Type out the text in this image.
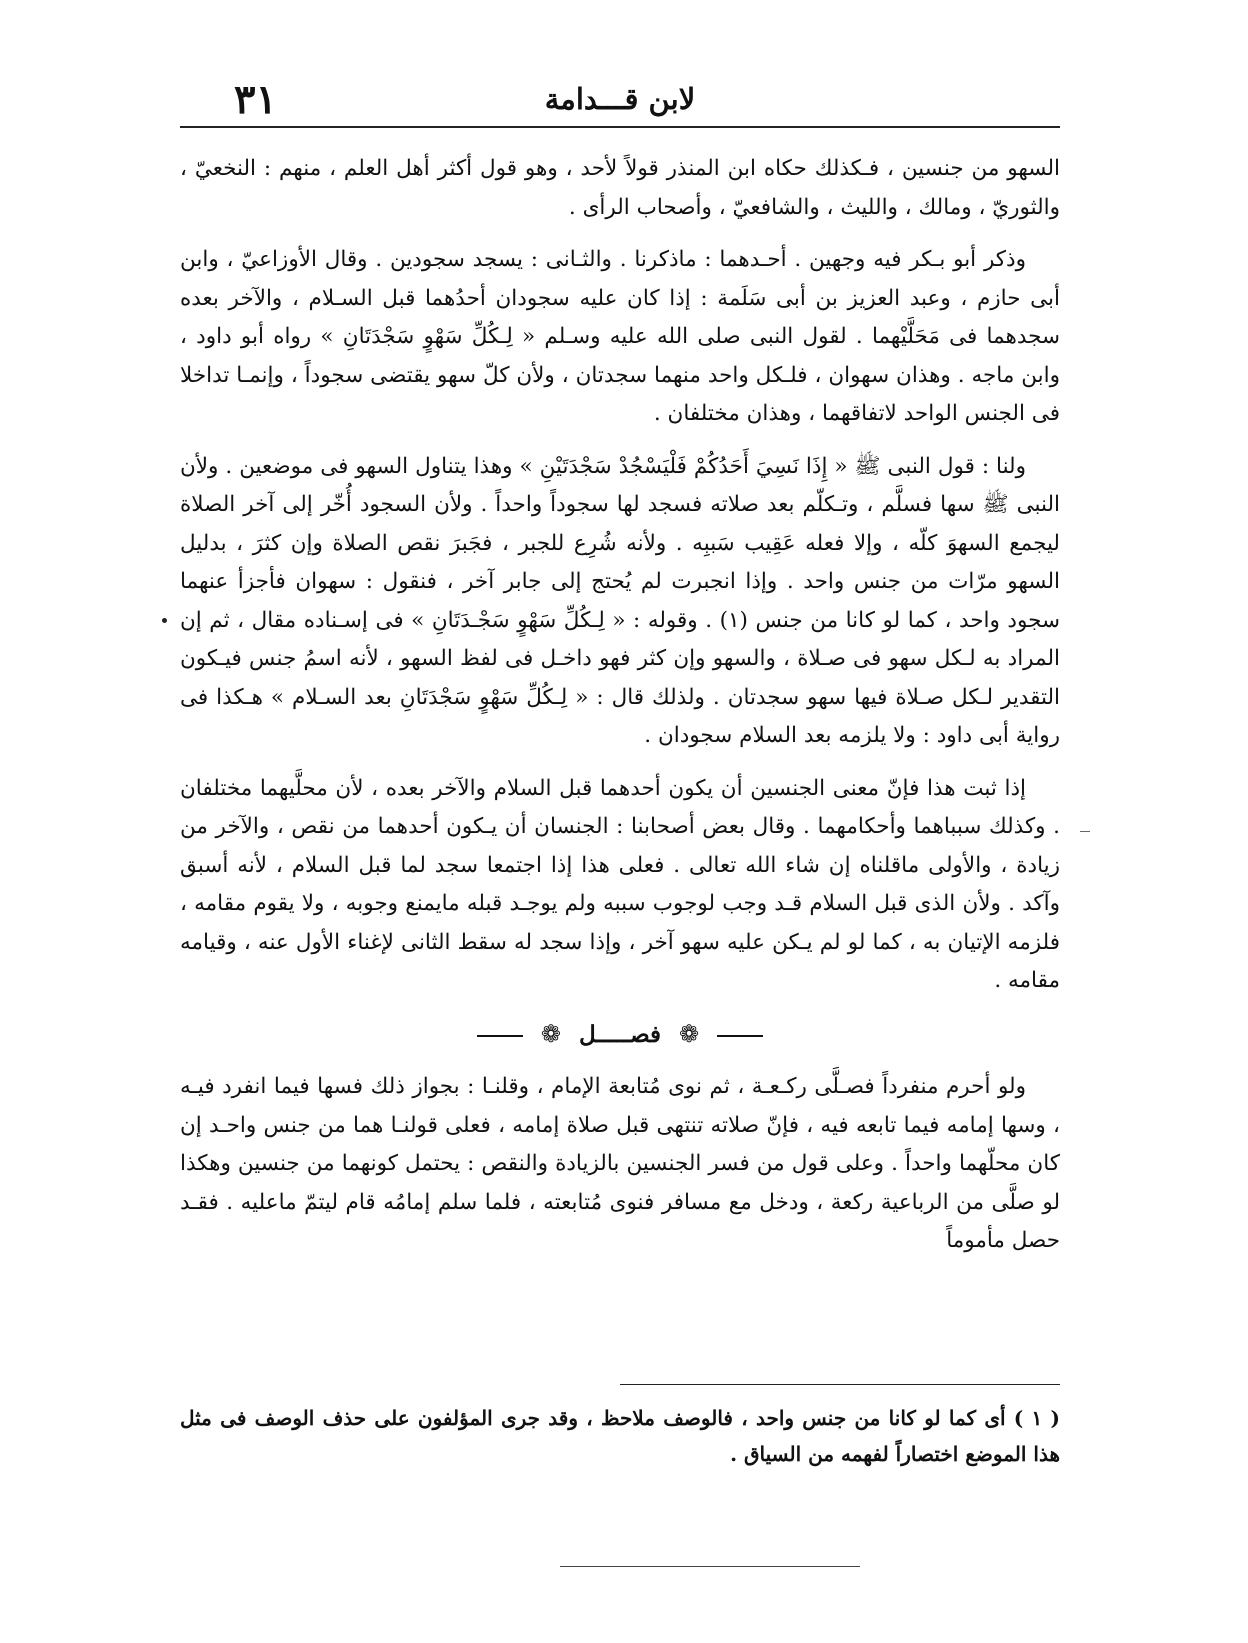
لابن قـــدامة
٣١

السهو من جنسين ، فـكذلك حكاه ابن المنذر قولاً لأحد ، وهو قول أكثر أهل العلم ، منهم : النخعيّ ، والثوريّ ، ومالك ، والليث ، والشافعيّ ، وأصحاب الرأى .

وذكر أبو بـكر فيه وجهين . أحـدهما : ماذكرنا . والثـانى : يسجد سجودين . وقال الأوزاعيّ ، وابن أبى حازم ، وعبد العزيز بن أبى سَلَمة : إذا كان عليه سجودان أحدُهما قبل السـلام ، والآخر بعده سجدهما فى مَحَلَّيْهما . لقول النبى صلى الله عليه وسـلم « لِـكُلِّ سَهْوٍ سَجْدَتَانِ » رواه أبو داود ، وابن ماجه . وهذان سهوان ، فلـكل واحد منهما سجدتان ، ولأن كلّ سهو يقتضى سجوداً ، وإنمـا تداخلا فى الجنس الواحد لاتفاقهما ، وهذان مختلفان .

ولنا : قول النبى ﷺ « إِذَا نَسِيَ أَحَدُكُمْ فَلْيَسْجُدْ سَجْدَتَيْنِ » وهذا يتناول السهو فى موضعين . ولأن النبى ﷺ سها فسلَّم ، وتـكلّم بعد صلاته فسجد لها سجوداً واحداً . ولأن السجود أُخّر إلى آخر الصلاة ليجمع السهوَ كلّه ، وإلا فعله عَقِيب سَببِه . ولأنه شُرِع للجبر ، فجَبرَ نقص الصلاة وإن كثرَ ، بدليل السهو مرّات من جنس واحد . وإذا انجبرت لم يُحتج إلى جابر آخر ، فنقول : سهوان فأجزأ عنهما سجود واحد ، كما لو كانا من جنس (١) . وقوله : « لِـكُلِّ سَهْوٍ سَجْـدَتَانِ » فى إسـناده مقال ، ثم إن المراد به لـكل سهو فى صـلاة ، والسهو وإن كثر فهو داخـل فى لفظ السهو ، لأنه اسمُ جنس فيـكون التقدير لـكل صـلاة فيها سهو سجدتان . ولذلك قال : « لِـكُلِّ سَهْوٍ سَجْدَتَانِ بعد السـلام » هـكذا فى رواية أبى داود : ولا يلزمه بعد السلام سجودان .

إذا ثبت هذا فإنّ معنى الجنسين أن يكون أحدهما قبل السلام والآخر بعده ، لأن محلَّيهما مختلفان . وكذلك سبباهما وأحكامهما . وقال بعض أصحابنا : الجنسان أن يـكون أحدهما من نقص ، والآخر من زيادة ، والأولى ماقلناه إن شاء الله تعالى . فعلى هذا إذا اجتمعا سجد لما قبل السلام ، لأنه أسبق وآكد . ولأن الذى قبل السلام قـد وجب لوجوب سببه ولم يوجـد قبله مايمنع وجوبه ، ولا يقوم مقامه ، فلزمه الإتيان به ، كما لو لم يـكن عليه سهو آخر ، وإذا سجد له سقط الثانى لإغناء الأول عنه ، وقيامه مقامه .

❁ فصـــــل ❁

ولو أحرم منفرداً فصـلَّى ركـعـة ، ثم نوى مُتابعة الإمام ، وقلنـا : بجواز ذلك فسها فيما انفرد فيـه ، وسها إمامه فيما تابعه فيه ، فإنّ صلاته تنتهى قبل صلاة إمامه ، فعلى قولنـا هما من جنس واحـد إن كان محلّهما واحداً . وعلى قول من فسر الجنسين بالزيادة والنقص : يحتمل كونهما من جنسين وهكذا لو صلَّى من الرباعية ركعة ، ودخل مع مسافر فنوى مُتابعته ، فلما سلم إمامُه قام ليتمّ ماعليه . فقـد حصل مأموماً

( ١ ) أى كما لو كانا من جنس واحد ، فالوصف ملاحظ ، وقد جرى المؤلفون على حذف الوصف فى مثل هذا الموضع اختصاراً لفهمه من السياق .
